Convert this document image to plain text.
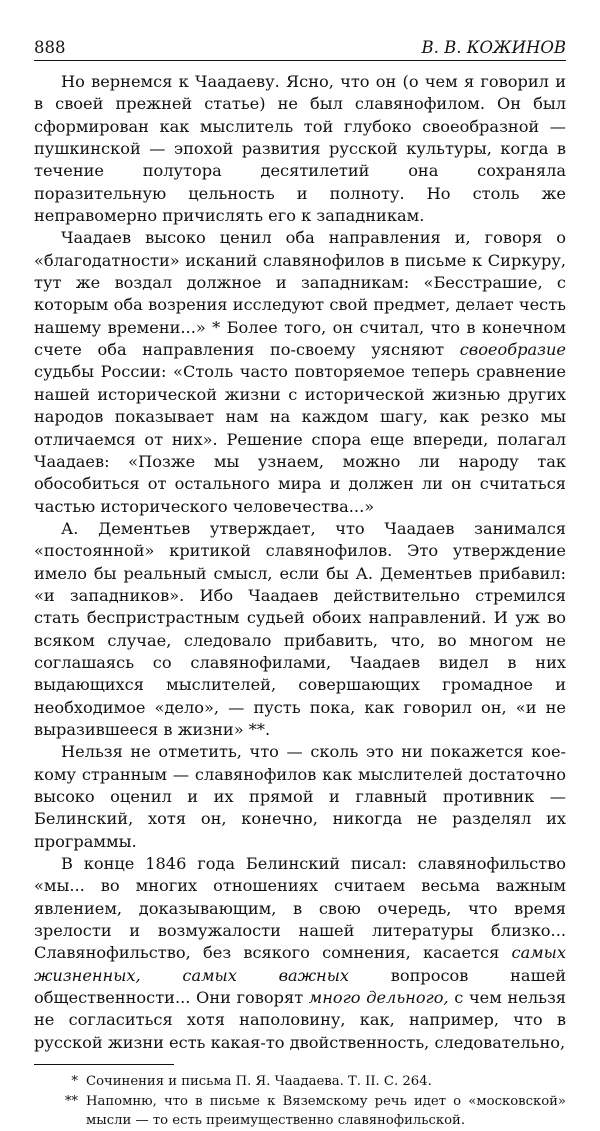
888	В. В. КОЖИНОВ

Но вернемся к Чаадаеву. Ясно, что он (о чем я говорил и в своей прежней статье) не был славянофилом. Он был сформирован как мыслитель той глубоко своеобразной — пушкинской — эпохой развития русской культуры, когда в течение полутора десятилетий она сохраняла поразительную цельность и полноту. Но столь же неправомерно причислять его к западникам.

Чаадаев высоко ценил оба направления и, говоря о «благодатности» исканий славянофилов в письме к Сиркуру, тут же воздал должное и западникам: «Бесстрашие, с которым оба возрения исследуют свой предмет, делает честь нашему времени...» * Более того, он считал, что в конечном счете оба направления по-своему уясняют своеобразие судьбы России: «Столь часто повторяемое теперь сравнение нашей исторической жизни с исторической жизнью других народов показывает нам на каждом шагу, как резко мы отличаемся от них». Решение спора еще впереди, полагал Чаадаев: «Позже мы узнаем, можно ли народу так обособиться от остального мира и должен ли он считаться частью исторического человечества...»

А. Дементьев утверждает, что Чаадаев занимался «постоянной» критикой славянофилов. Это утверждение имело бы реальный смысл, если бы А. Дементьев прибавил: «и западников». Ибо Чаадаев действительно стремился стать беспристрастным судьей обоих направлений. И уж во всяком случае, следовало прибавить, что, во многом не соглашаясь со славянофилами, Чаадаев видел в них выдающихся мыслителей, совершающих громадное и необходимое «дело», — пусть пока, как говорил он, «и не выразившееся в жизни» **.

Нельзя не отметить, что — сколь это ни покажется кое-кому странным — славянофилов как мыслителей достаточно высоко оценил и их прямой и главный противник — Белинский, хотя он, конечно, никогда не разделял их программы.

В конце 1846 года Белинский писал: славянофильство «мы... во многих отношениях считаем весьма важным явлением, доказывающим, в свою очередь, что время зрелости и возмужалости нашей литературы близко... Славянофильство, без всякого сомнения, касается самых жизненных, самых важных вопросов нашей общественности... Они говорят много дельного, с чем нельзя не согласиться хотя наполовину, как, например, что в русской жизни есть какая-то двойственность, следовательно,

* Сочинения и письма П. Я. Чаадаева. Т. II. С. 264.
** Напомню, что в письме к Вяземскому речь идет о «московской» мысли — то есть преимущественно славянофильской.
